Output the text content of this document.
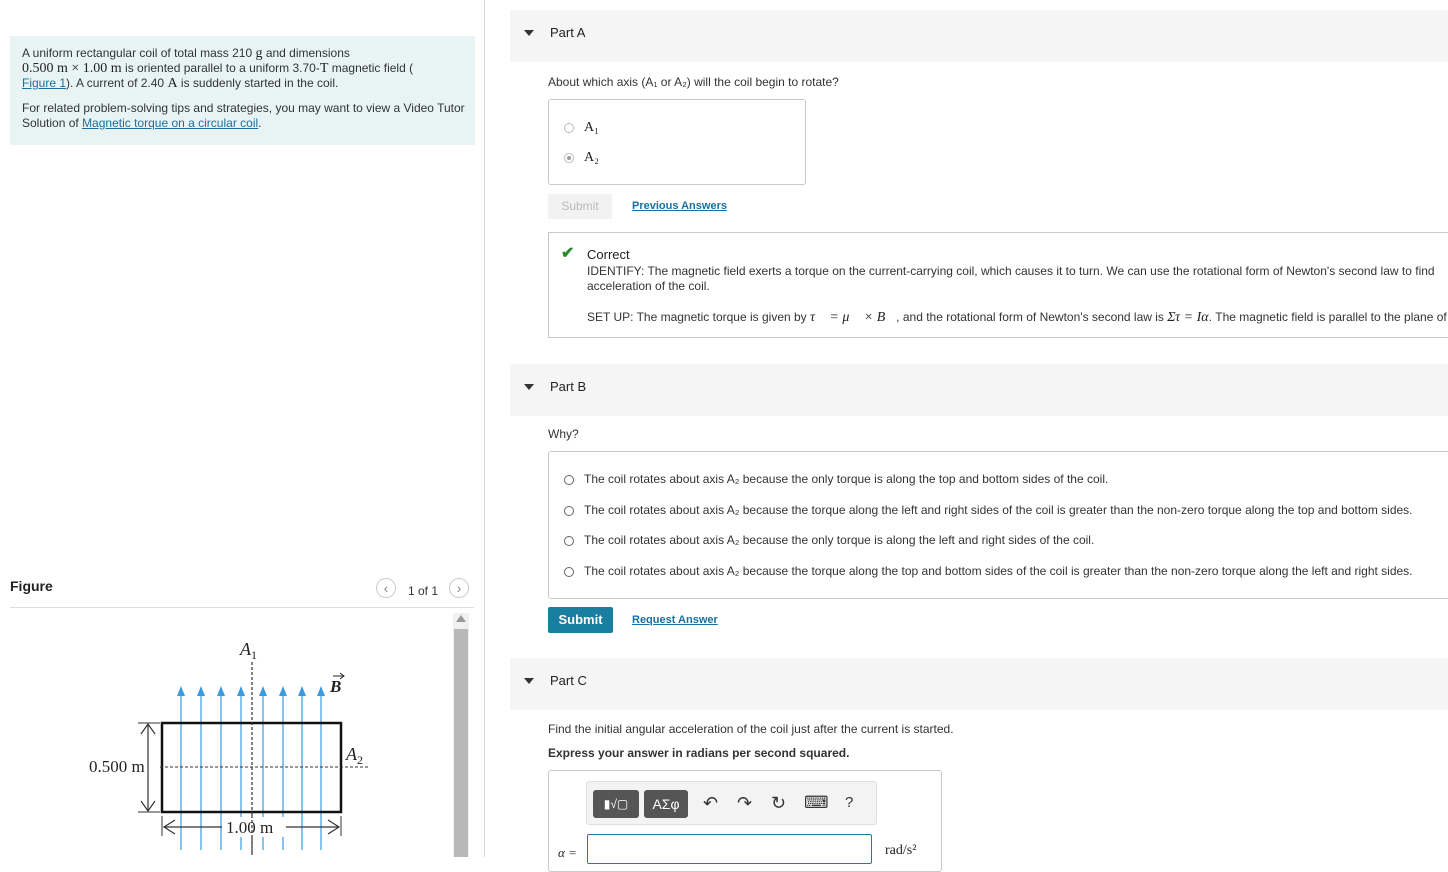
A uniform rectangular coil of total mass 210 g and dimensions
0.500 m × 1.00 m is oriented parallel to a uniform 3.70-T magnetic field (
Figure 1). A current of 2.40 A is suddenly started in the coil.

For related problem-solving tips and strategies, you may want to view a Video Tutor Solution of Magnetic torque on a circular coil.

Figure	‹	1 of 1	›
$A_1$
$A_2$
B
0.500 m
1.00 m
Part A
About which axis (A₁ or A₂) will the coil begin to rotate?
A₁
A₂
Submit	Previous Answers
✔ Correct
IDENTIFY: The magnetic field exerts a torque on the current-carrying coil, which causes it to turn. We can use the rotational form of Newton's second law to find
acceleration of the coil.
SET UP: The magnetic torque is given by τ⃗ = μ⃗ × B⃗, and the rotational form of Newton's second law is Στ = Iα. The magnetic field is parallel to the plane of
Part B
Why?
The coil rotates about axis A₂ because the only torque is along the top and bottom sides of the coil.
The coil rotates about axis A₂ because the torque along the left and right sides of the coil is greater than the non-zero torque along the top and bottom sides.
The coil rotates about axis A₂ because the only torque is along the left and right sides of the coil.
The coil rotates about axis A₂ because the torque along the top and bottom sides of the coil is greater than the non-zero torque along the left and right sides.
Submit	Request Answer
Part C
Find the initial angular acceleration of the coil just after the current is started.
Express your answer in radians per second squared.
▮√▢	ΑΣφ	↶ ↷ ↻ ⌨ ?
α =	rad/s²
